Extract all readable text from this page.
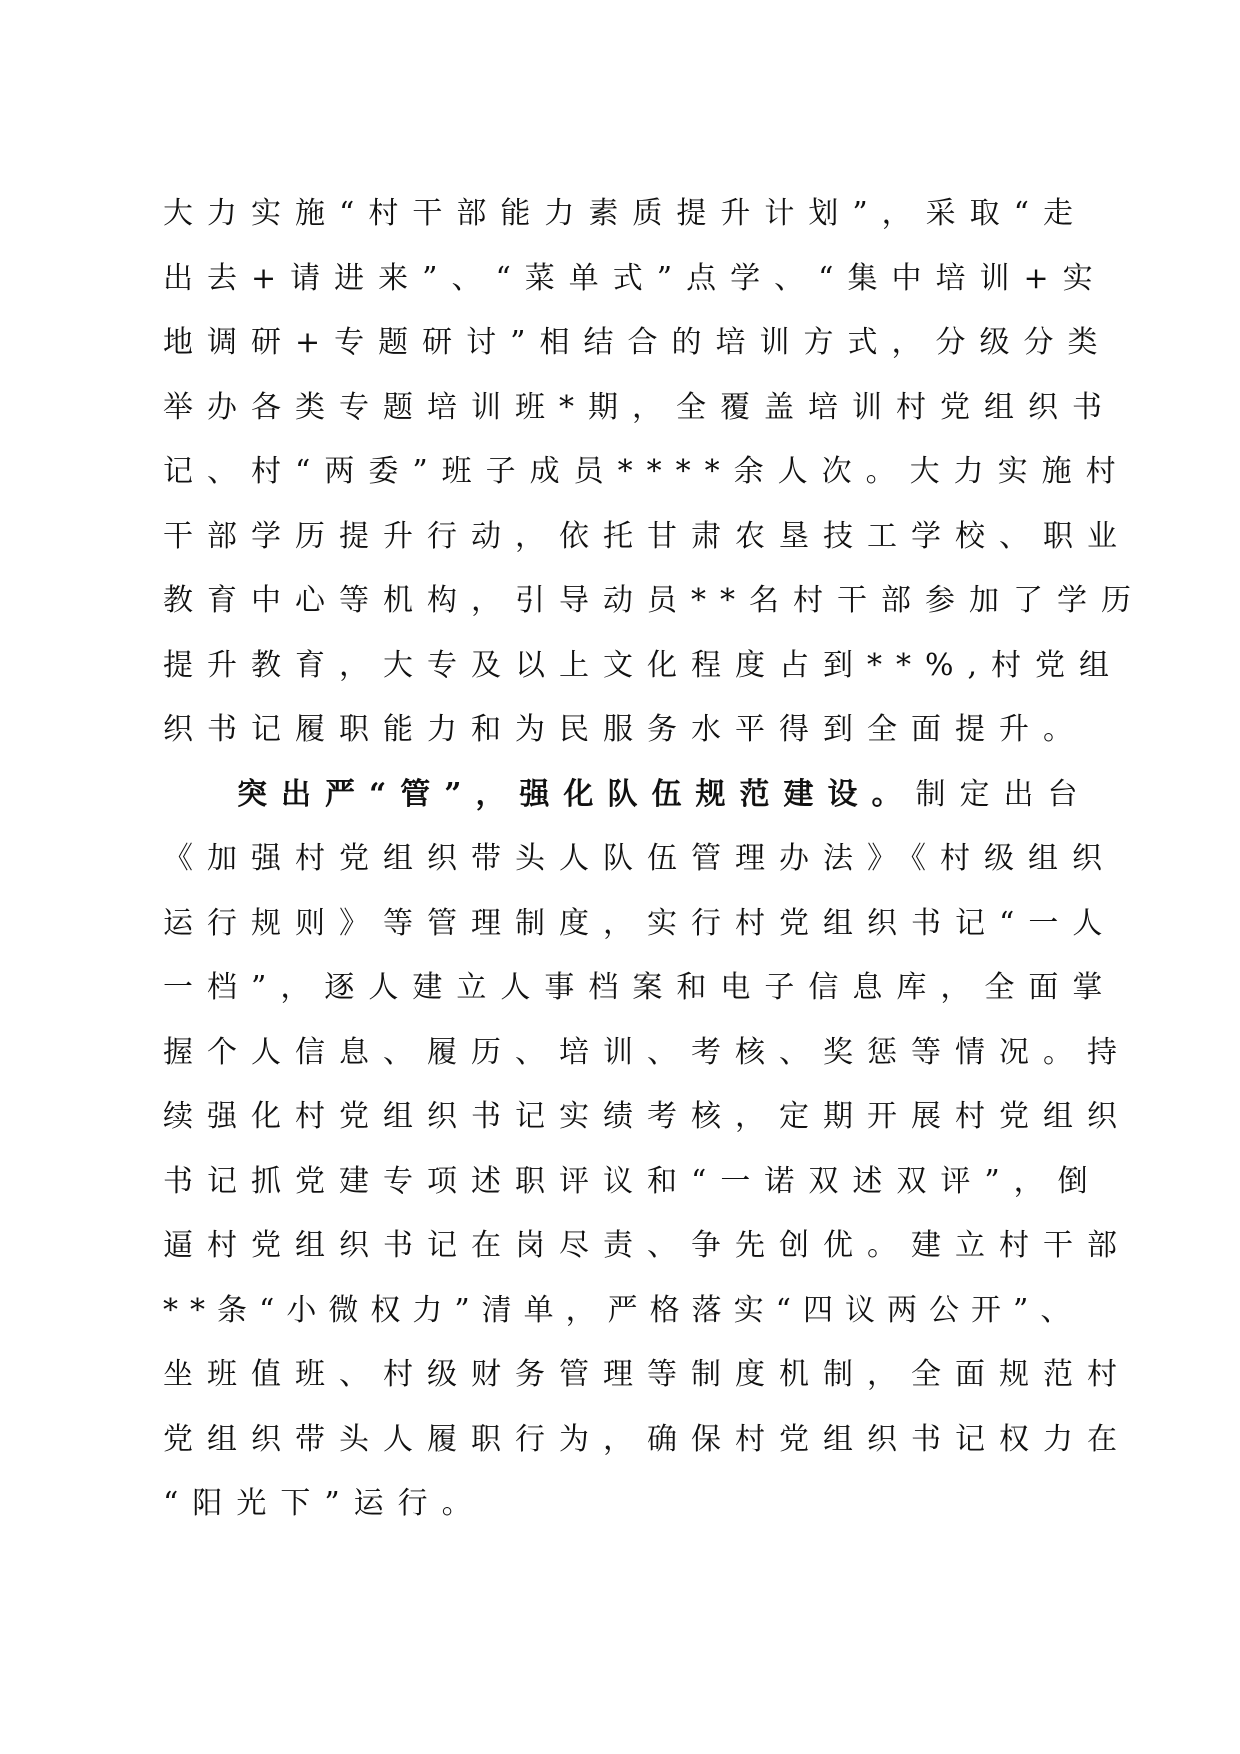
大力实施“村干部能力素质提升计划”，采取“走
出去+请进来”、“菜单式”点学、“集中培训+实
地调研+专题研讨”相结合的培训方式，分级分类
举办各类专题培训班*期，全覆盖培训村党组织书
记、村“两委”班子成员****余人次。大力实施村
干部学历提升行动，依托甘肃农垦技工学校、职业
教育中心等机构，引导动员**名村干部参加了学历
提升教育，大专及以上文化程度占到**%,村党组
织书记履职能力和为民服务水平得到全面提升。
突出严“管”，强化队伍规范建设。制定出台
《加强村党组织带头人队伍管理办法》《村级组织
运行规则》等管理制度，实行村党组织书记“一人
一档”，逐人建立人事档案和电子信息库，全面掌
握个人信息、履历、培训、考核、奖惩等情况。持
续强化村党组织书记实绩考核，定期开展村党组织
书记抓党建专项述职评议和“一诺双述双评”，倒
逼村党组织书记在岗尽责、争先创优。建立村干部
**条“小微权力”清单，严格落实“四议两公开”、
坐班值班、村级财务管理等制度机制，全面规范村
党组织带头人履职行为，确保村党组织书记权力在
“阳光下”运行。
